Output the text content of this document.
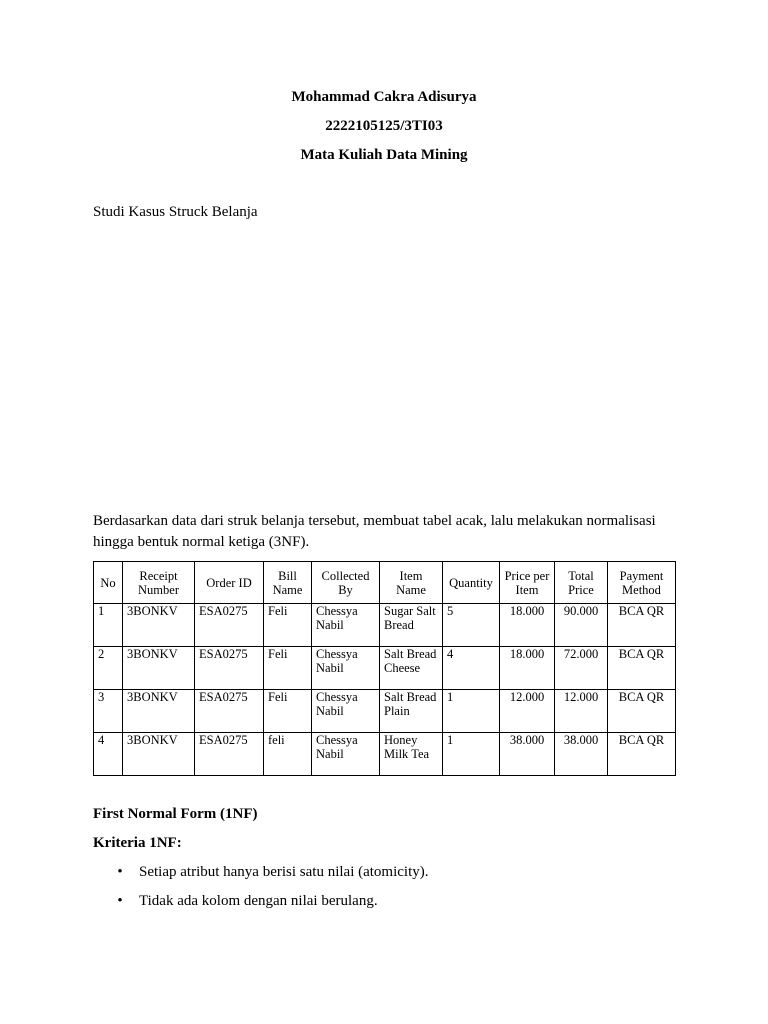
Mohammad Cakra Adisurya
2222105125/3TI03
Mata Kuliah Data Mining
Studi Kasus Struck Belanja
Berdasarkan data dari struk belanja tersebut, membuat tabel acak, lalu melakukan normalisasi hingga bentuk normal ketiga (3NF).
No	Receipt Number	Order ID	Bill Name	Collected By	Item Name	Quantity	Price per Item	Total Price	Payment Method
1	3BONKV	ESA0275	Feli	Chessya Nabil	Sugar Salt Bread	5	18.000	90.000	BCA QR
2	3BONKV	ESA0275	Feli	Chessya Nabil	Salt Bread Cheese	4	18.000	72.000	BCA QR
3	3BONKV	ESA0275	Feli	Chessya Nabil	Salt Bread Plain	1	12.000	12.000	BCA QR
4	3BONKV	ESA0275	feli	Chessya Nabil	Honey Milk Tea	1	38.000	38.000	BCA QR
First Normal Form (1NF)
Kriteria 1NF:
• Setiap atribut hanya berisi satu nilai (atomicity).
• Tidak ada kolom dengan nilai berulang.
